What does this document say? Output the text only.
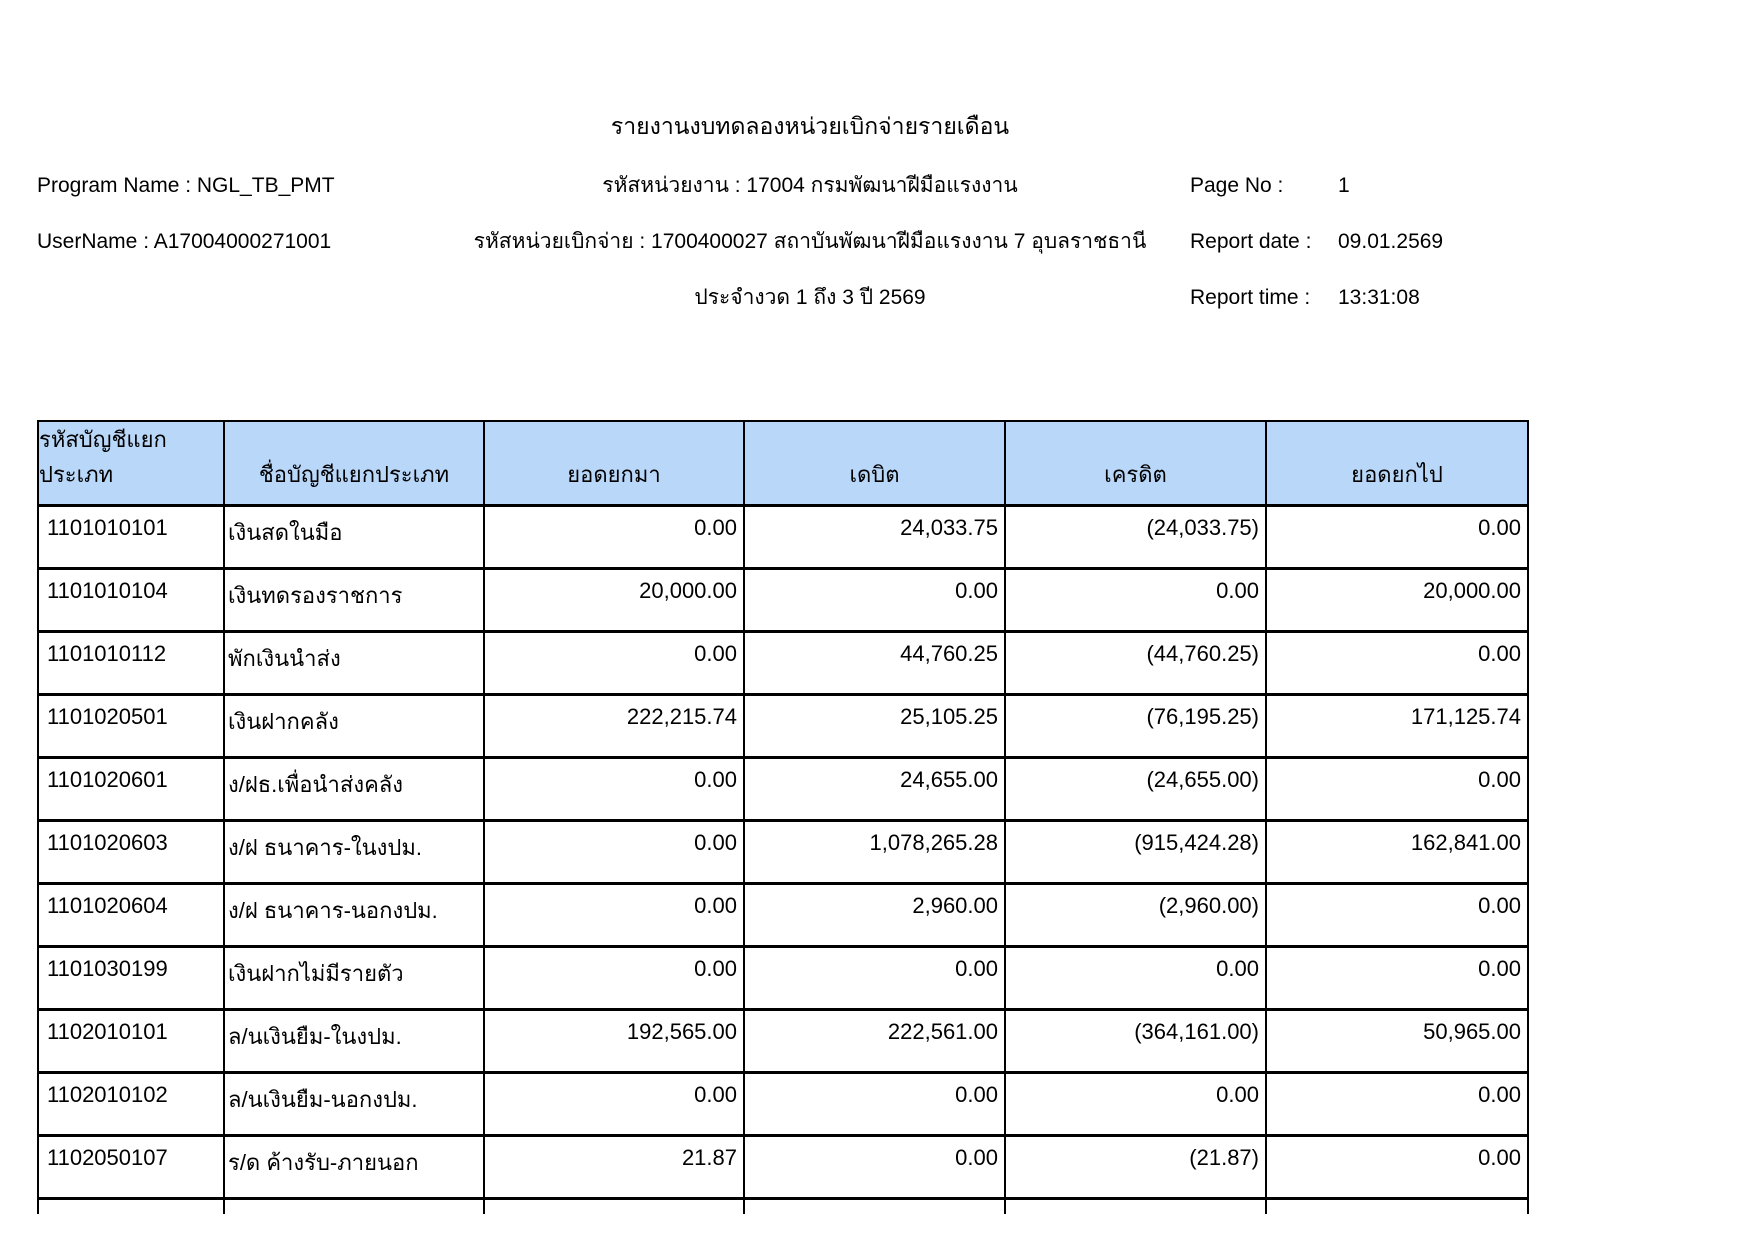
รายงานงบทดลองหน่วยเบิกจ่ายรายเดือน
Program Name : NGL_TB_PMT	รหัสหน่วยงาน : 17004 กรมพัฒนาฝีมือแรงงาน	Page No :	1
UserName : A17004000271001	รหัสหน่วยเบิกจ่าย : 1700400027 สถาบันพัฒนาฝีมือแรงงาน 7 อุบลราชธานี	Report date : 09.01.2569
ประจำงวด 1 ถึง 3 ปี 2569	Report time : 13:31:08
รหัสบัญชีแยกประเภท	ชื่อบัญชีแยกประเภท	ยอดยกมา	เดบิต	เครดิต	ยอดยกไป
1101010101	เงินสดในมือ	0.00	24,033.75	(24,033.75)	0.00
1101010104	เงินทดรองราชการ	20,000.00	0.00	0.00	20,000.00
1101010112	พักเงินนำส่ง	0.00	44,760.25	(44,760.25)	0.00
1101020501	เงินฝากคลัง	222,215.74	25,105.25	(76,195.25)	171,125.74
1101020601	ง/ฝธ.เพื่อนำส่งคลัง	0.00	24,655.00	(24,655.00)	0.00
1101020603	ง/ฝ ธนาคาร-ในงปม.	0.00	1,078,265.28	(915,424.28)	162,841.00
1101020604	ง/ฝ ธนาคาร-นอกงปม.	0.00	2,960.00	(2,960.00)	0.00
1101030199	เงินฝากไม่มีรายตัว	0.00	0.00	0.00	0.00
1102010101	ล/นเงินยืม-ในงปม.	192,565.00	222,561.00	(364,161.00)	50,965.00
1102010102	ล/นเงินยืม-นอกงปม.	0.00	0.00	0.00	0.00
1102050107	ร/ด ค้างรับ-ภายนอก	21.87	0.00	(21.87)	0.00
